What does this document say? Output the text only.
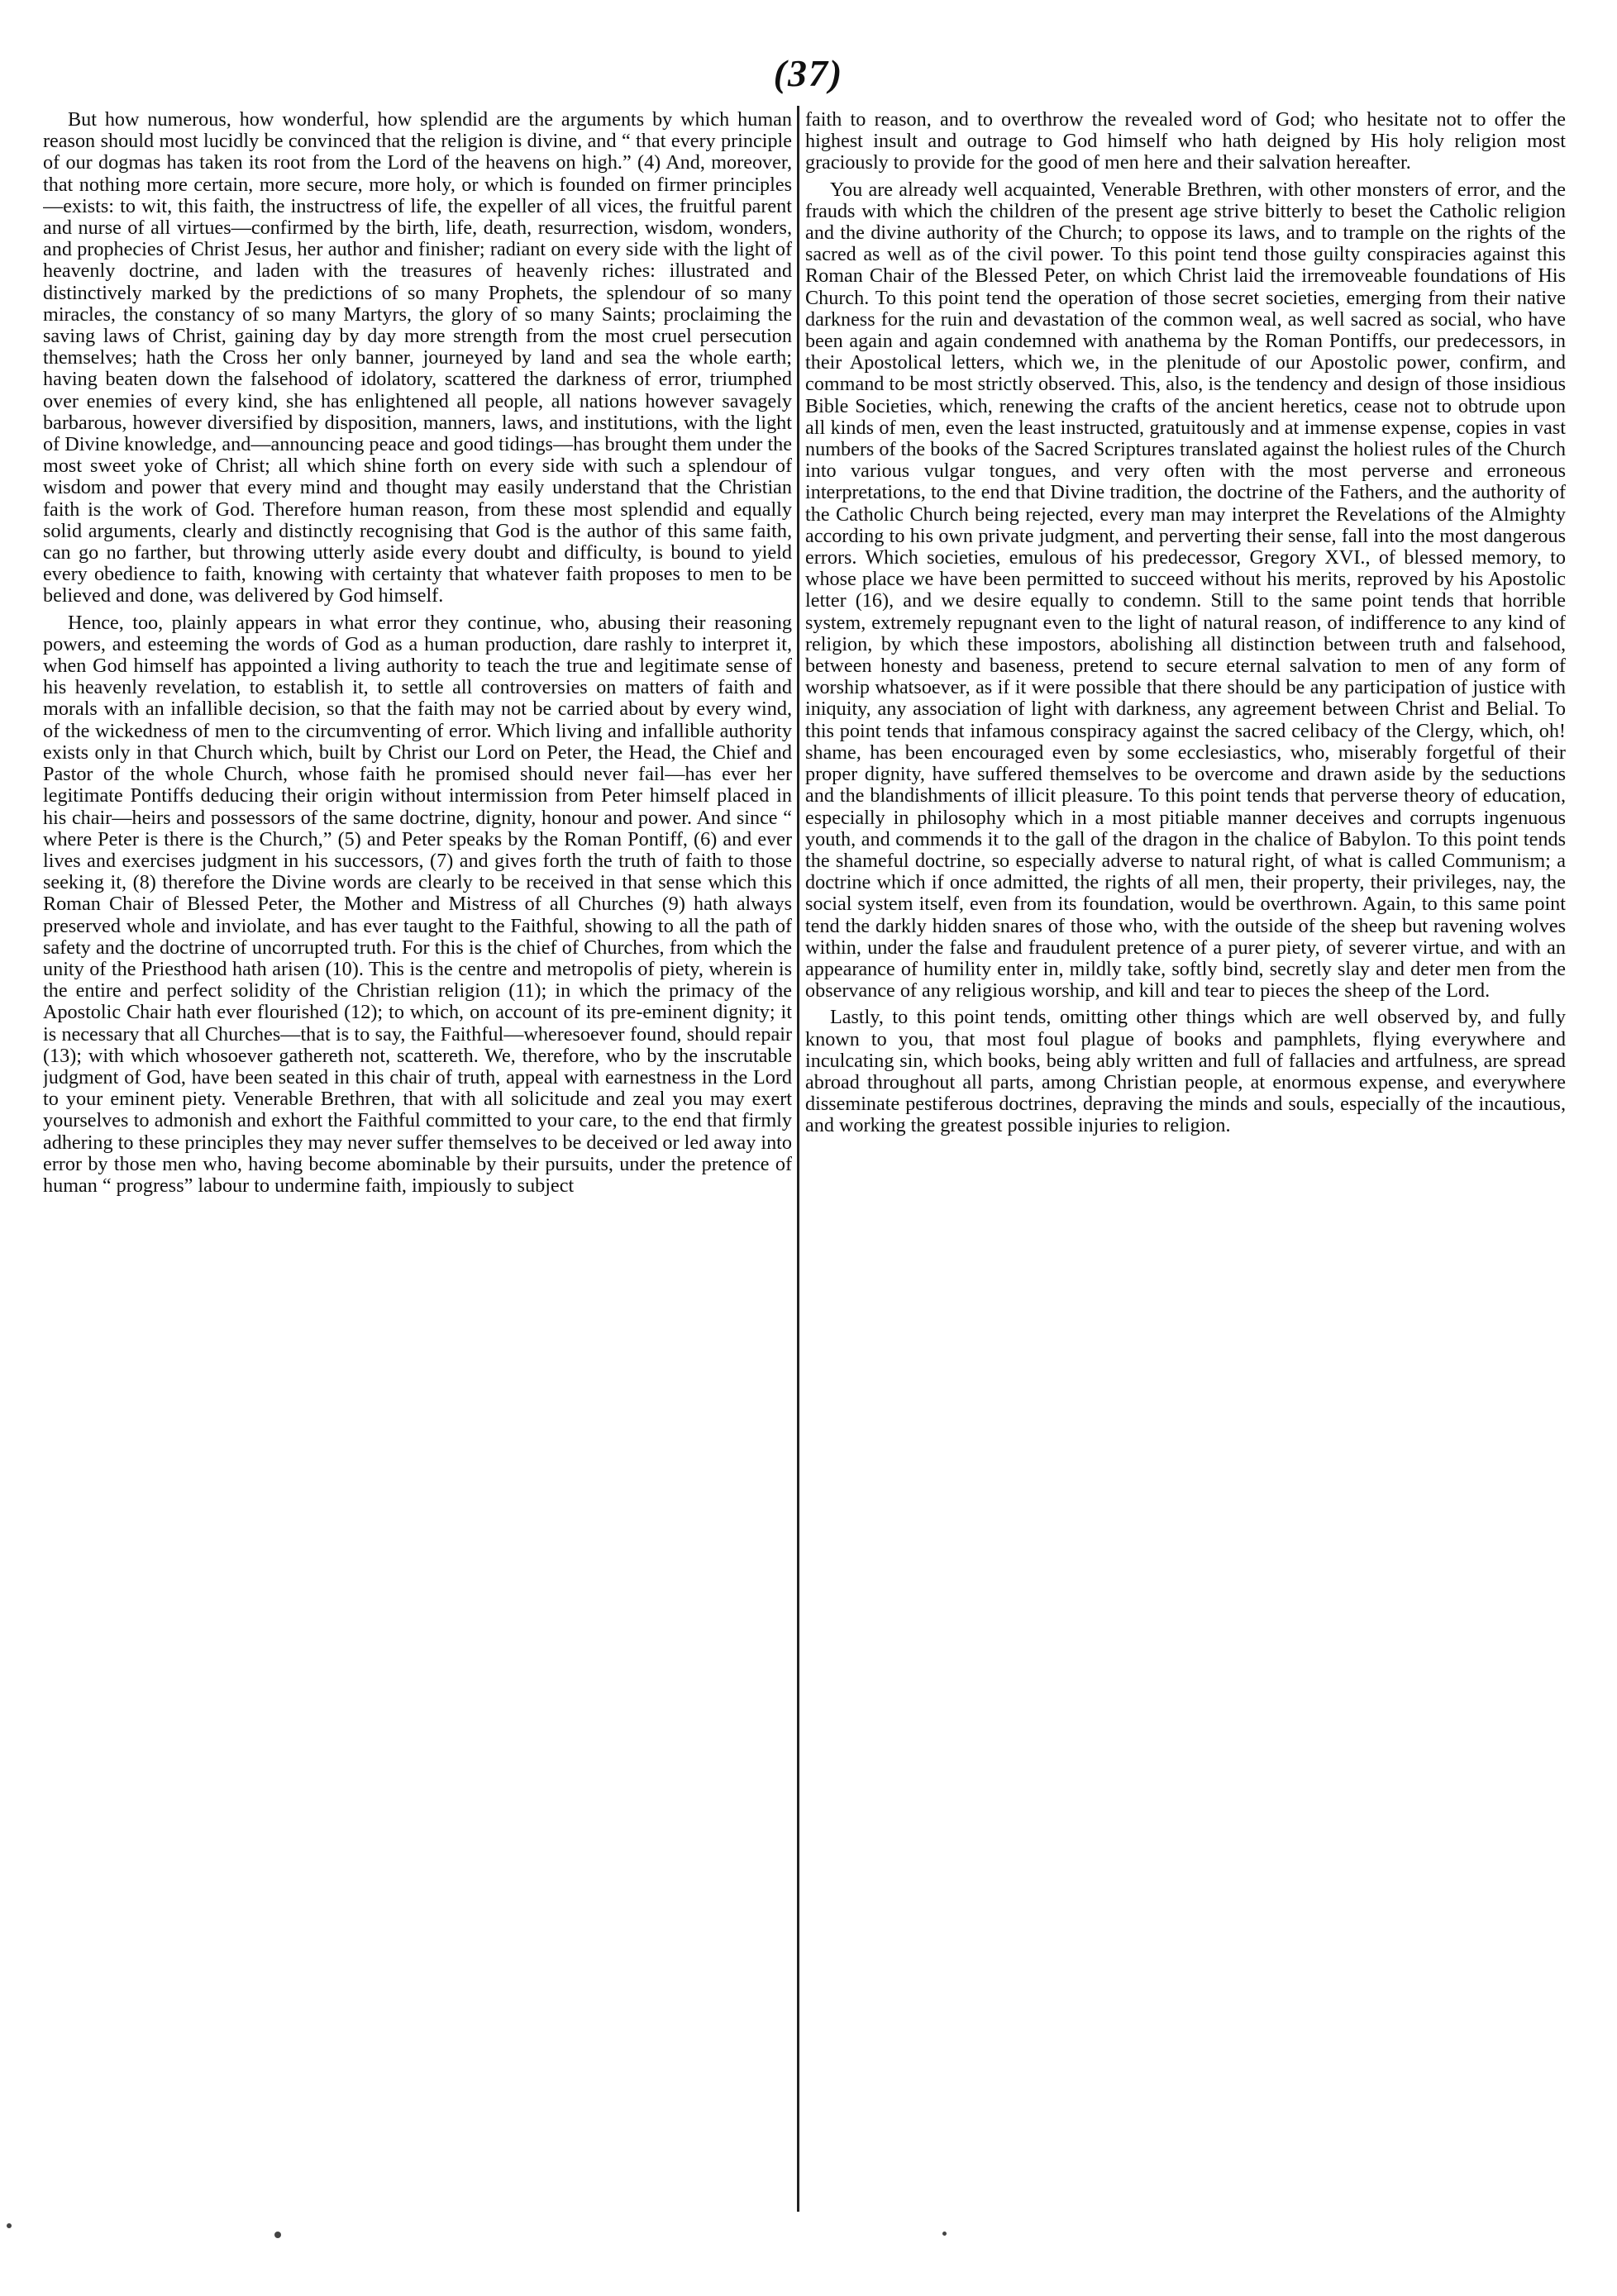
(37)

But how numerous, how wonderful, how splendid are the arguments by which human reason should most lucidly be convinced that the religion is divine, and “ that every principle of our dogmas has taken its root from the Lord of the heavens on high.” (4) And, moreover, that nothing more certain, more secure, more holy, or which is founded on firmer principles—exists: to wit, this faith, the instructress of life, the expeller of all vices, the fruitful parent and nurse of all virtues—confirmed by the birth, life, death, resurrection, wisdom, wonders, and prophecies of Christ Jesus, her author and finisher; radiant on every side with the light of heavenly doctrine, and laden with the treasures of heavenly riches: illustrated and distinctively marked by the predictions of so many Prophets, the splendour of so many miracles, the constancy of so many Martyrs, the glory of so many Saints; proclaiming the saving laws of Christ, gaining day by day more strength from the most cruel persecution themselves; hath the Cross her only banner, journeyed by land and sea the whole earth; having beaten down the falsehood of idolatory, scattered the darkness of error, triumphed over enemies of every kind, she has enlightened all people, all nations however savagely barbarous, however diversified by disposition, manners, laws, and institutions, with the light of Divine knowledge, and—announcing peace and good tidings—has brought them under the most sweet yoke of Christ; all which shine forth on every side with such a splendour of wisdom and power that every mind and thought may easily understand that the Christian faith is the work of God. Therefore human reason, from these most splendid and equally solid arguments, clearly and distinctly recognising that God is the author of this same faith, can go no farther, but throwing utterly aside every doubt and difficulty, is bound to yield every obedience to faith, knowing with certainty that whatever faith proposes to men to be believed and done, was delivered by God himself.

Hence, too, plainly appears in what error they continue, who, abusing their reasoning powers, and esteeming the words of God as a human production, dare rashly to interpret it, when God himself has appointed a living authority to teach the true and legitimate sense of his heavenly revelation, to establish it, to settle all controversies on matters of faith and morals with an infallible decision, so that the faith may not be carried about by every wind, of the wickedness of men to the circumventing of error. Which living and infallible authority exists only in that Church which, built by Christ our Lord on Peter, the Head, the Chief and Pastor of the whole Church, whose faith he promised should never fail—has ever her legitimate Pontiffs deducing their origin without intermission from Peter himself placed in his chair—heirs and possessors of the same doctrine, dignity, honour and power. And since “ where Peter is there is the Church,” (5) and Peter speaks by the Roman Pontiff, (6) and ever lives and exercises judgment in his successors, (7) and gives forth the truth of faith to those seeking it, (8) therefore the Divine words are clearly to be received in that sense which this Roman Chair of Blessed Peter, the Mother and Mistress of all Churches (9) hath always preserved whole and inviolate, and has ever taught to the Faithful, showing to all the path of safety and the doctrine of uncorrupted truth. For this is the chief of Churches, from which the unity of the Priesthood hath arisen (10). This is the centre and metropolis of piety, wherein is the entire and perfect solidity of the Christian religion (11); in which the primacy of the Apostolic Chair hath ever flourished (12); to which, on account of its pre-eminent dignity; it is necessary that all Churches—that is to say, the Faithful—wheresoever found, should repair (13); with which whosoever gathereth not, scattereth. We, therefore, who by the inscrutable judgment of God, have been seated in this chair of truth, appeal with earnestness in the Lord to your eminent piety. Venerable Brethren, that with all solicitude and zeal you may exert yourselves to admonish and exhort the Faithful committed to your care, to the end that firmly adhering to these principles they may never suffer themselves to be deceived or led away into error by those men who, having become abominable by their pursuits, under the pretence of human “ progress” labour to undermine faith, impiously to subject

faith to reason, and to overthrow the revealed word of God; who hesitate not to offer the highest insult and outrage to God himself who hath deigned by His holy religion most graciously to provide for the good of men here and their salvation hereafter.

You are already well acquainted, Venerable Brethren, with other monsters of error, and the frauds with which the children of the present age strive bitterly to beset the Catholic religion and the divine authority of the Church; to oppose its laws, and to trample on the rights of the sacred as well as of the civil power. To this point tend those guilty conspiracies against this Roman Chair of the Blessed Peter, on which Christ laid the irremoveable foundations of His Church. To this point tend the operation of those secret societies, emerging from their native darkness for the ruin and devastation of the common weal, as well sacred as social, who have been again and again condemned with anathema by the Roman Pontiffs, our predecessors, in their Apostolical letters, which we, in the plenitude of our Apostolic power, confirm, and command to be most strictly observed. This, also, is the tendency and design of those insidious Bible Societies, which, renewing the crafts of the ancient heretics, cease not to obtrude upon all kinds of men, even the least instructed, gratuitously and at immense expense, copies in vast numbers of the books of the Sacred Scriptures translated against the holiest rules of the Church into various vulgar tongues, and very often with the most perverse and erroneous interpretations, to the end that Divine tradition, the doctrine of the Fathers, and the authority of the Catholic Church being rejected, every man may interpret the Revelations of the Almighty according to his own private judgment, and perverting their sense, fall into the most dangerous errors. Which societies, emulous of his predecessor, Gregory XVI., of blessed memory, to whose place we have been permitted to succeed without his merits, reproved by his Apostolic letter (16), and we desire equally to condemn. Still to the same point tends that horrible system, extremely repugnant even to the light of natural reason, of indifference to any kind of religion, by which these impostors, abolishing all distinction between truth and falsehood, between honesty and baseness, pretend to secure eternal salvation to men of any form of worship whatsoever, as if it were possible that there should be any participation of justice with iniquity, any association of light with darkness, any agreement between Christ and Belial. To this point tends that infamous conspiracy against the sacred celibacy of the Clergy, which, oh! shame, has been encouraged even by some ecclesiastics, who, miserably forgetful of their proper dignity, have suffered themselves to be overcome and drawn aside by the seductions and the blandishments of illicit pleasure. To this point tends that perverse theory of education, especially in philosophy which in a most pitiable manner deceives and corrupts ingenuous youth, and commends it to the gall of the dragon in the chalice of Babylon. To this point tends the shameful doctrine, so especially adverse to natural right, of what is called Communism; a doctrine which if once admitted, the rights of all men, their property, their privileges, nay, the social system itself, even from its foundation, would be overthrown. Again, to this same point tend the darkly hidden snares of those who, with the outside of the sheep but ravening wolves within, under the false and fraudulent pretence of a purer piety, of severer virtue, and with an appearance of humility enter in, mildly take, softly bind, secretly slay and deter men from the observance of any religious worship, and kill and tear to pieces the sheep of the Lord.

Lastly, to this point tends, omitting other things which are well observed by, and fully known to you, that most foul plague of books and pamphlets, flying everywhere and inculcating sin, which books, being ably written and full of fallacies and artfulness, are spread abroad throughout all parts, among Christian people, at enormous expense, and everywhere disseminate pestiferous doctrines, depraving the minds and souls, especially of the incautious, and working the greatest possible injuries to religion.
